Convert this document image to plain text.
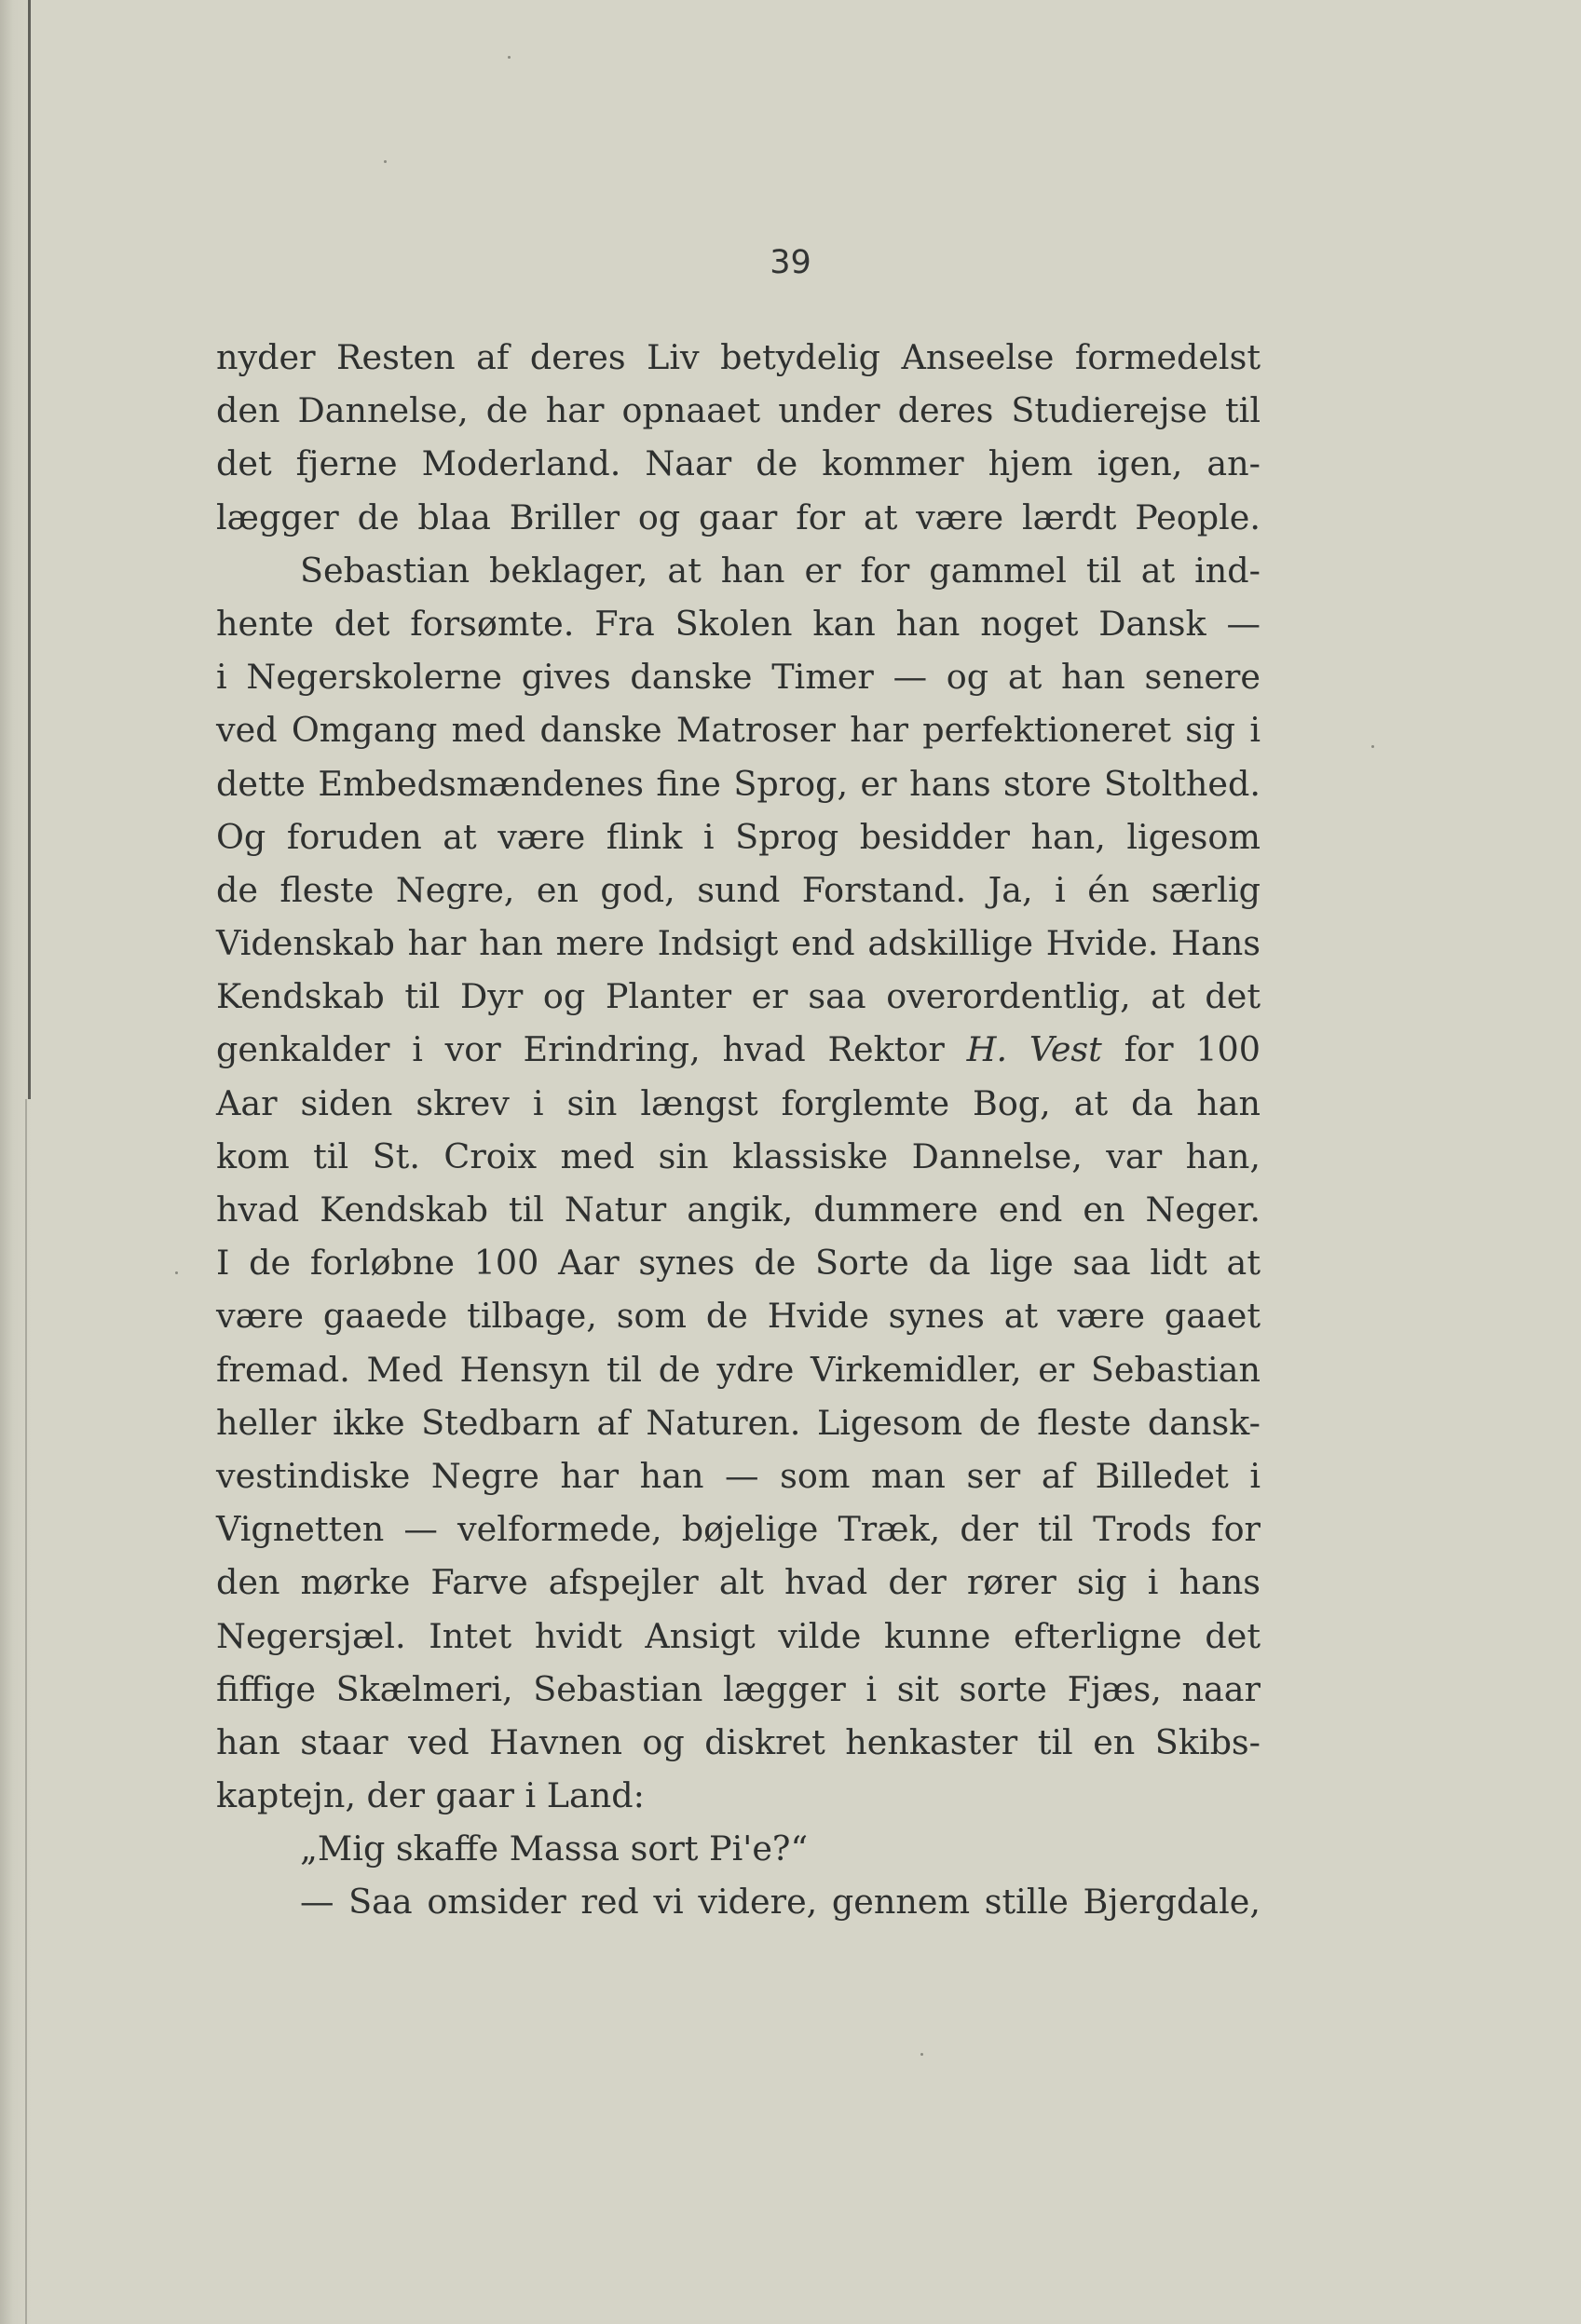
39
nyder Resten af deres Liv betydelig Anseelse formedelst
den Dannelse, de har opnaaet under deres Studierejse til
det fjerne Moderland. Naar de kommer hjem igen, an-
lægger de blaa Briller og gaar for at være lærdt People.
Sebastian beklager, at han er for gammel til at ind-
hente det forsømte. Fra Skolen kan han noget Dansk —
i Negerskolerne gives danske Timer — og at han senere
ved Omgang med danske Matroser har perfektioneret sig i
dette Embedsmændenes fine Sprog, er hans store Stolthed.
Og foruden at være flink i Sprog besidder han, ligesom
de fleste Negre, en god, sund Forstand. Ja, i én særlig
Videnskab har han mere Indsigt end adskillige Hvide. Hans
Kendskab til Dyr og Planter er saa overordentlig, at det
genkalder i vor Erindring, hvad Rektor H. Vest for 100
Aar siden skrev i sin længst forglemte Bog, at da han
kom til St. Croix med sin klassiske Dannelse, var han,
hvad Kendskab til Natur angik, dummere end en Neger.
I de forløbne 100 Aar synes de Sorte da lige saa lidt at
være gaaede tilbage, som de Hvide synes at være gaaet
fremad. Med Hensyn til de ydre Virkemidler, er Sebastian
heller ikke Stedbarn af Naturen. Ligesom de fleste dansk-
vestindiske Negre har han — som man ser af Billedet i
Vignetten — velformede, bøjelige Træk, der til Trods for
den mørke Farve afspejler alt hvad der rører sig i hans
Negersjæl. Intet hvidt Ansigt vilde kunne efterligne det
fiffige Skælmeri, Sebastian lægger i sit sorte Fjæs, naar
han staar ved Havnen og diskret henkaster til en Skibs-
kaptejn, der gaar i Land:
„Mig skaffe Massa sort Pi'e?“
— Saa omsider red vi videre, gennem stille Bjergdale,
